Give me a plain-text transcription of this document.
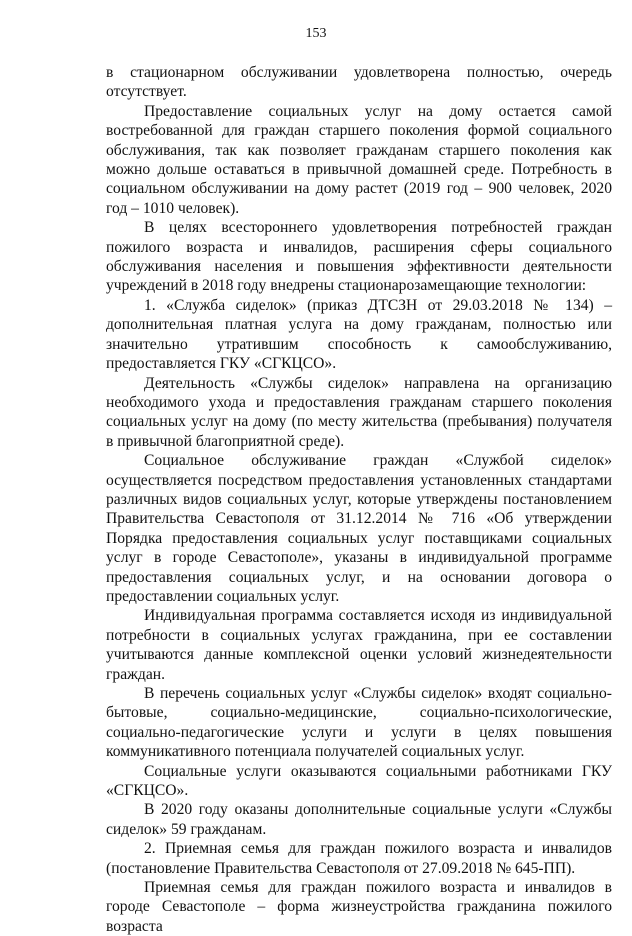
153

в стационарном обслуживании удовлетворена полностью, очередь отсутствует.

Предоставление социальных услуг на дому остается самой востребованной для граждан старшего поколения формой социального обслуживания, так как позволяет гражданам старшего поколения как можно дольше оставаться в привычной домашней среде. Потребность в социальном обслуживании на дому растет (2019 год – 900 человек, 2020 год – 1010 человек).

В целях всестороннего удовлетворения потребностей граждан пожилого возраста и инвалидов, расширения сферы социального обслуживания населения и повышения эффективности деятельности учреждений в 2018 году внедрены стационарозамещающие технологии:

1. «Служба сиделок» (приказ ДТСЗН от 29.03.2018 № 134) – дополнительная платная услуга на дому гражданам, полностью или значительно утратившим способность к самообслуживанию, предоставляется ГКУ «СГКЦСО».

Деятельность «Службы сиделок» направлена на организацию необходимого ухода и предоставления гражданам старшего поколения социальных услуг на дому (по месту жительства (пребывания) получателя в привычной благоприятной среде).

Социальное обслуживание граждан «Службой сиделок» осуществляется посредством предоставления установленных стандартами различных видов социальных услуг, которые утверждены постановлением Правительства Севастополя от 31.12.2014 № 716 «Об утверждении Порядка предоставления социальных услуг поставщиками социальных услуг в городе Севастополе», указаны в индивидуальной программе предоставления социальных услуг, и на основании договора о предоставлении социальных услуг.

Индивидуальная программа составляется исходя из индивидуальной потребности в социальных услугах гражданина, при ее составлении учитываются данные комплексной оценки условий жизнедеятельности граждан.

В перечень социальных услуг «Службы сиделок» входят социально-бытовые, социально-медицинские, социально-психологические, социально-педагогические услуги и услуги в целях повышения коммуникативного потенциала получателей социальных услуг.

Социальные услуги оказываются социальными работниками ГКУ «СГКЦСО».

В 2020 году оказаны дополнительные социальные услуги «Службы сиделок» 59 гражданам.

2. Приемная семья для граждан пожилого возраста и инвалидов (постановление Правительства Севастополя от 27.09.2018 № 645-ПП).

Приемная семья для граждан пожилого возраста и инвалидов в городе Севастополе – форма жизнеустройства гражданина пожилого возраста
